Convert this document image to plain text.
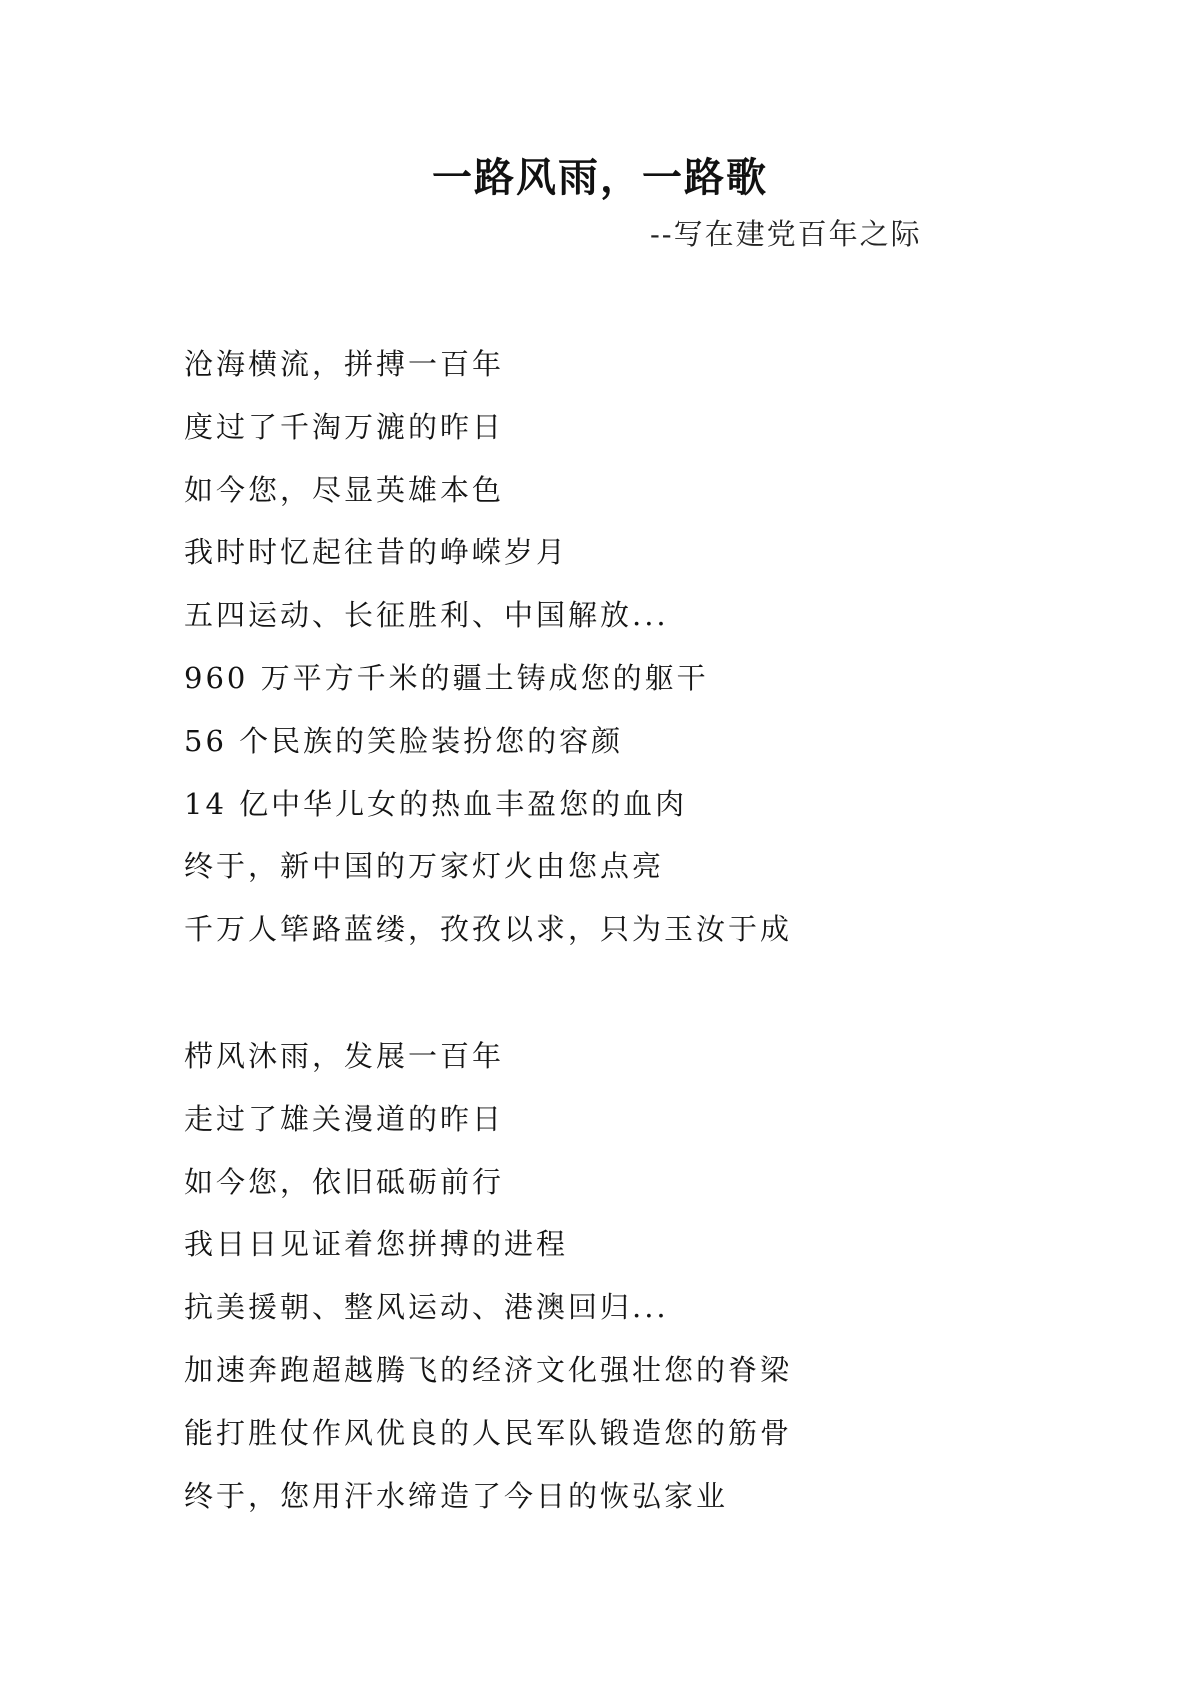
一路风雨，一路歌

--写在建党百年之际

沧海横流，拼搏一百年
度过了千淘万漉的昨日
如今您，尽显英雄本色
我时时忆起往昔的峥嵘岁月
五四运动、长征胜利、中国解放...
960 万平方千米的疆土铸成您的躯干
56 个民族的笑脸装扮您的容颜
14 亿中华儿女的热血丰盈您的血肉
终于，新中国的万家灯火由您点亮
千万人筚路蓝缕，孜孜以求，只为玉汝于成
栉风沐雨，发展一百年
走过了雄关漫道的昨日
如今您，依旧砥砺前行
我日日见证着您拼搏的进程
抗美援朝、整风运动、港澳回归...
加速奔跑超越腾飞的经济文化强壮您的脊梁
能打胜仗作风优良的人民军队锻造您的筋骨
终于，您用汗水缔造了今日的恢弘家业
